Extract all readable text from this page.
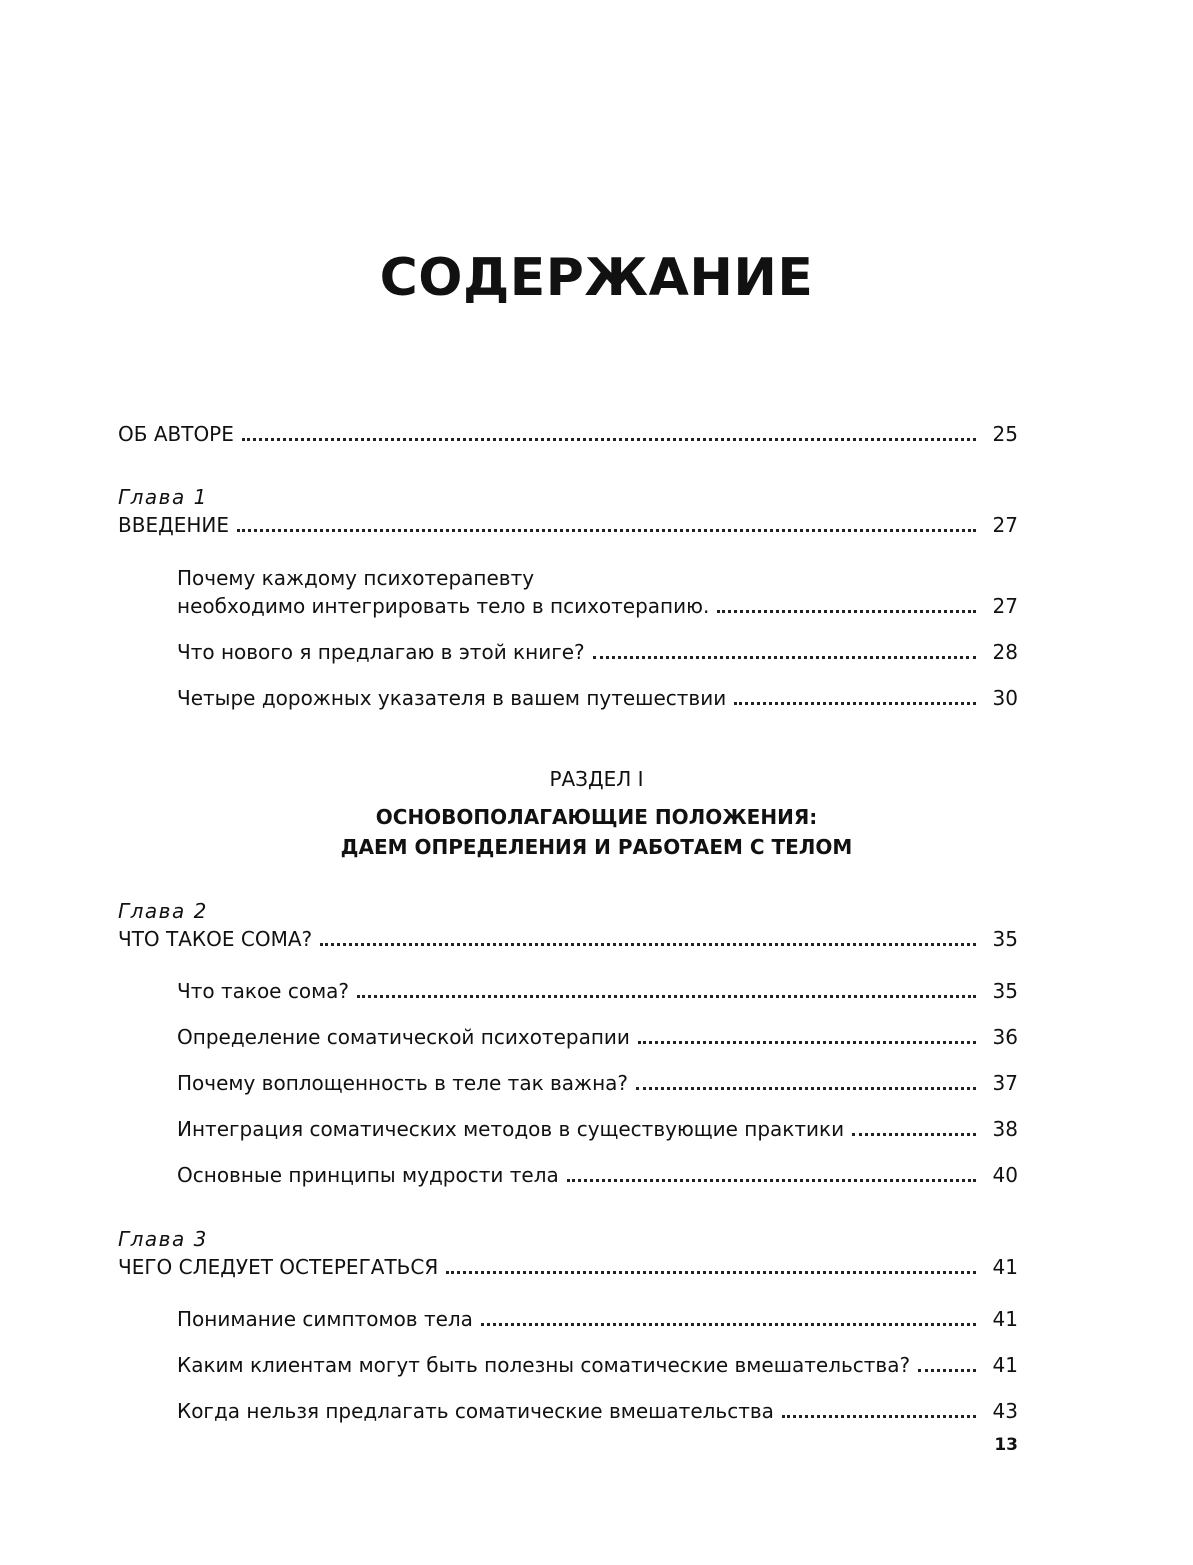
СОДЕРЖАНИЕ
ОБ АВТОРЕ	25
Глава 1
ВВЕДЕНИЕ	27
Почему каждому психотерапевту
необходимо интегрировать тело в психотерапию.	27
Что нового я предлагаю в этой книге?	28
Четыре дорожных указателя в вашем путешествии	30
РАЗДЕЛ I
ОСНОВОПОЛАГАЮЩИЕ ПОЛОЖЕНИЯ:
ДАЕМ ОПРЕДЕЛЕНИЯ И РАБОТАЕМ С ТЕЛОМ
Глава 2
ЧТО ТАКОЕ СОМА?	35
Что такое сома?	35
Определение соматической психотерапии	36
Почему воплощенность в теле так важна?	37
Интеграция соматических методов в существующие практики	38
Основные принципы мудрости тела	40
Глава 3
ЧЕГО СЛЕДУЕТ ОСТЕРЕГАТЬСЯ	41
Понимание симптомов тела	41
Каким клиентам могут быть полезны соматические вмешательства?	41
Когда нельзя предлагать соматические вмешательства	43
13
